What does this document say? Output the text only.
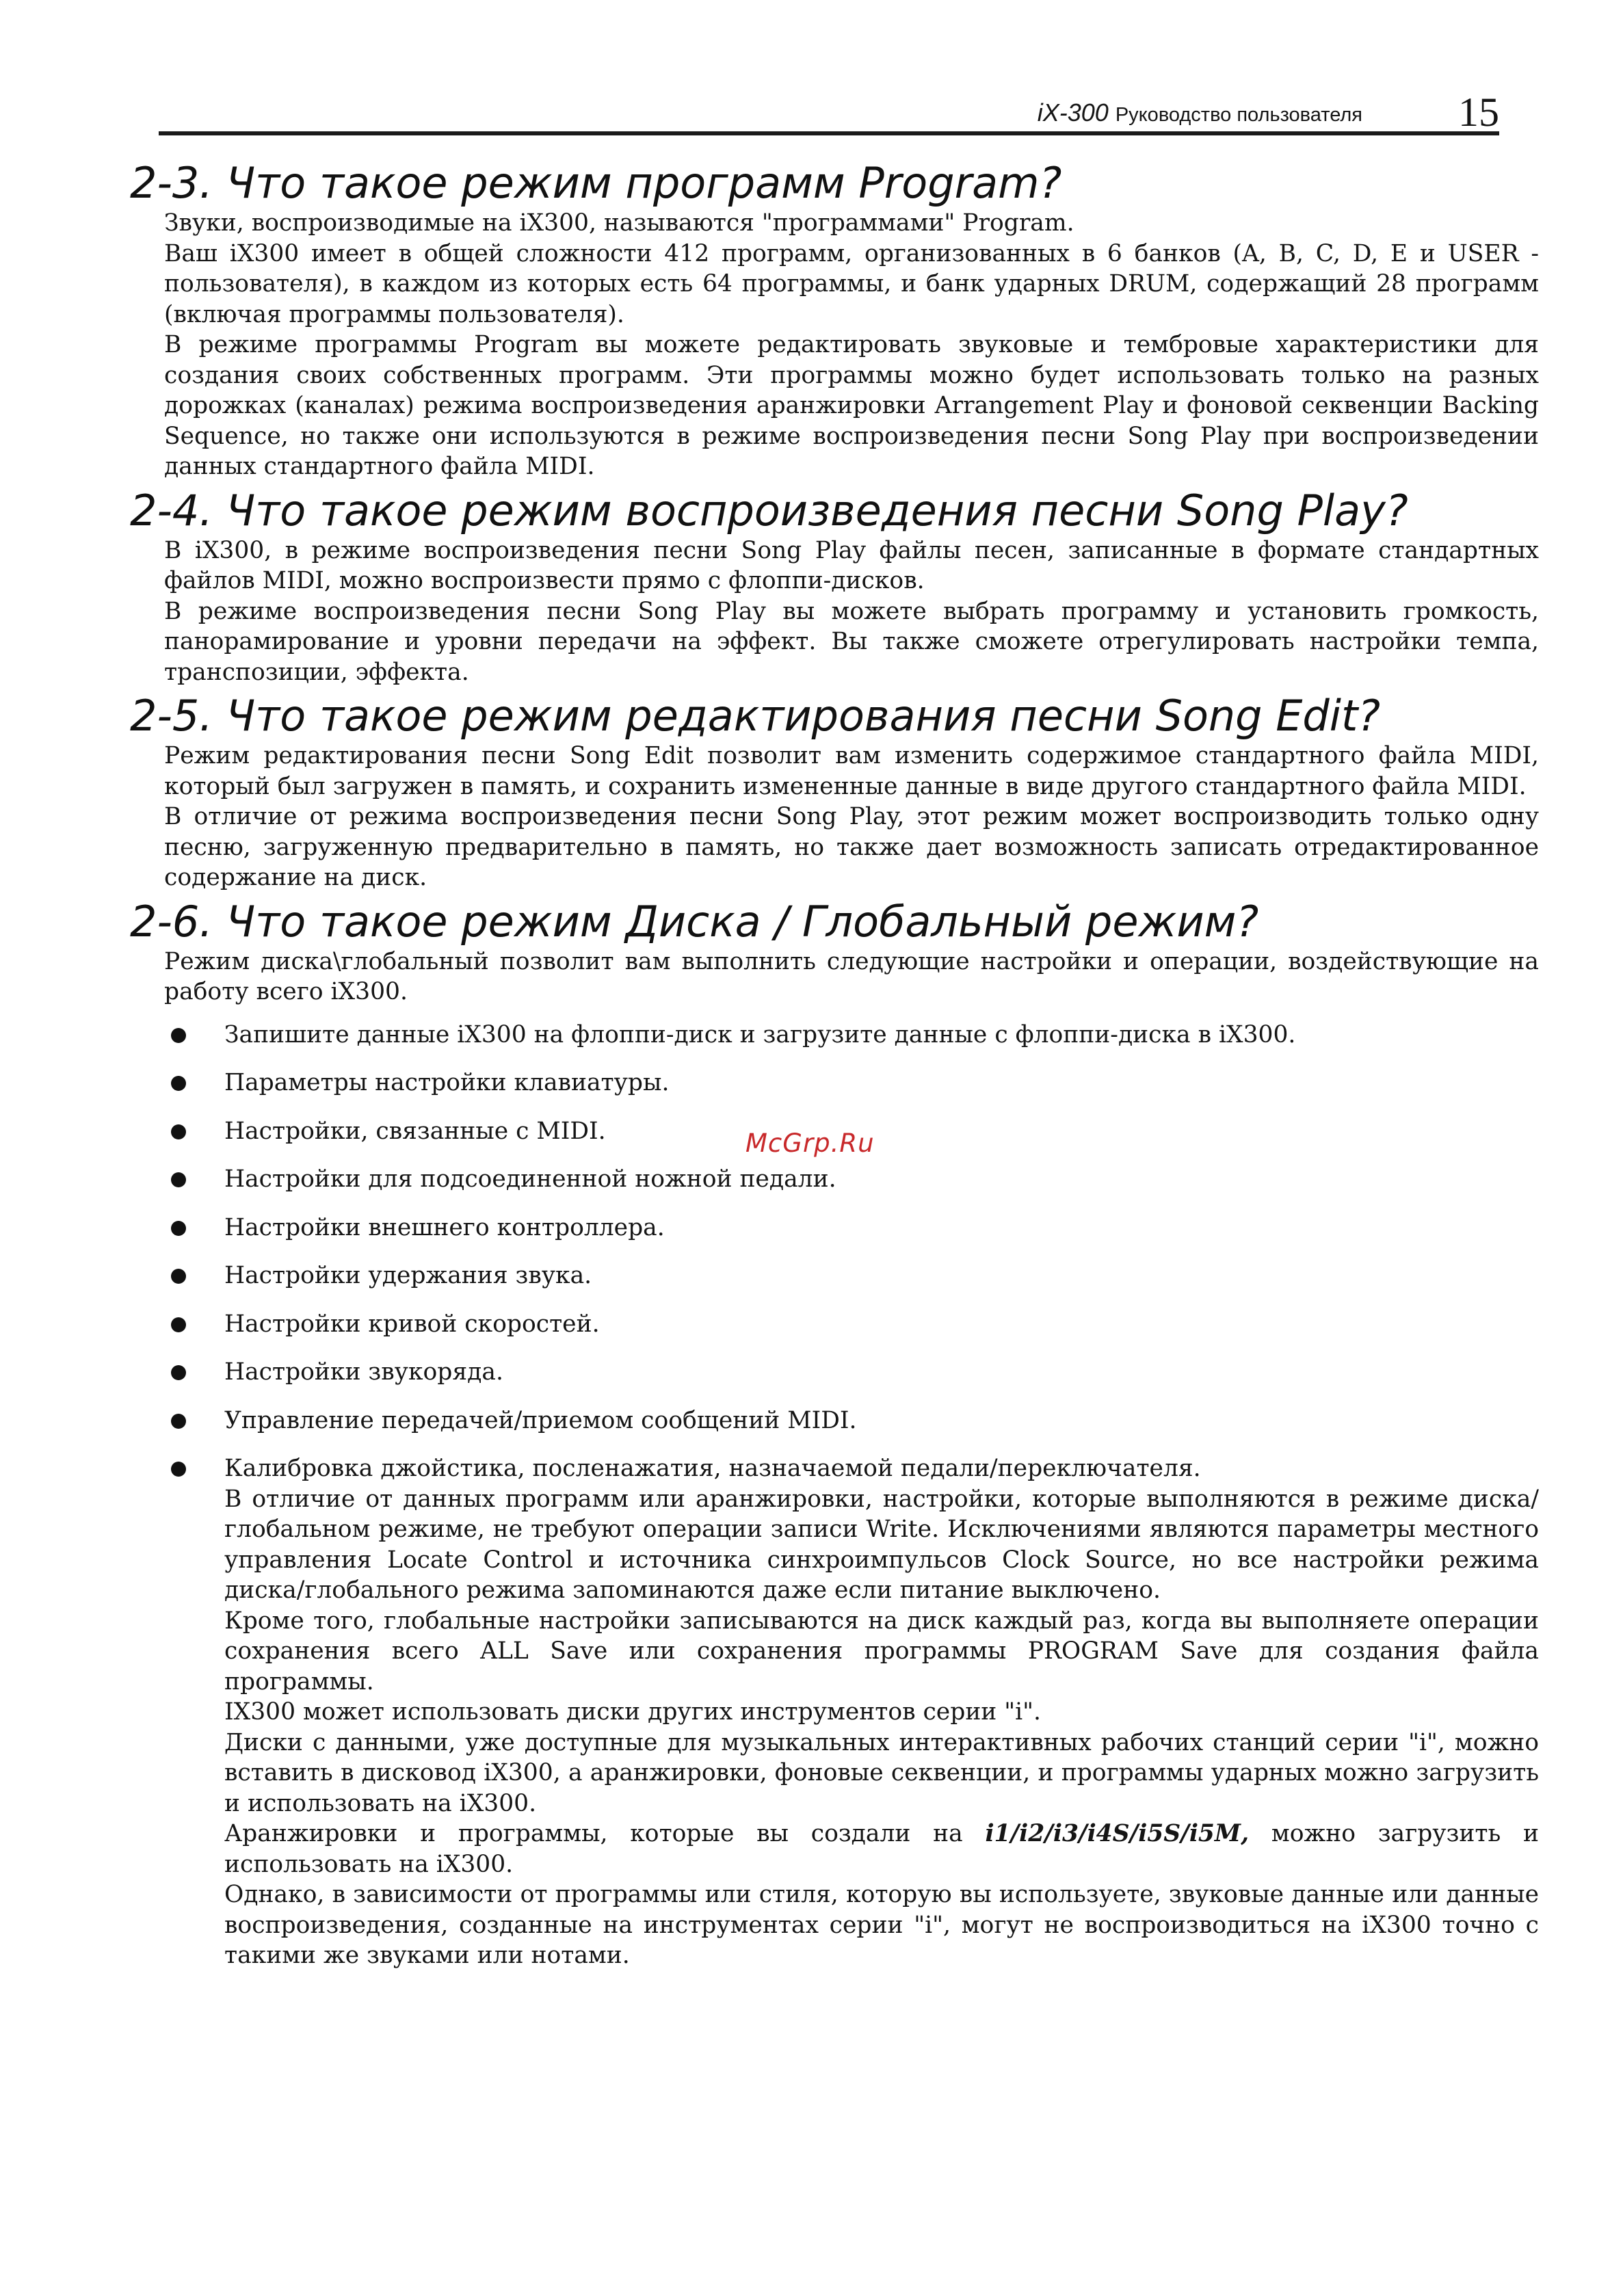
iX-300 Руководство пользователя 15
2-3. Что такое режим программ Program?

Звуки, воспроизводимые на iX300, называются "программами" Program.

Ваш iX300 имеет в общей сложности 412 программ, организованных в 6 банков (A, B, C, D, E и USER - пользователя), в каждом из которых есть 64 программы, и банк ударных DRUM, содержащий 28 программ (включая программы пользователя).

В режиме программы Program вы можете редактировать звуковые и тембровые характеристики для создания своих собственных программ. Эти программы можно будет использовать только на разных дорожках (каналах) режима воспроизведения аранжировки Arrangement Play и фоновой секвенции Backing Sequence, но также они используются в режиме воспроизведения песни Song Play при воспроизведении данных стандартного файла MIDI.

2-4. Что такое режим воспроизведения песни Song Play?

В iX300, в режиме воспроизведения песни Song Play файлы песен, записанные в формате стандартных файлов MIDI, можно воспроизвести прямо с флоппи-дисков.

В режиме воспроизведения песни Song Play вы можете выбрать программу и установить громкость, панорамирование и уровни передачи на эффект. Вы также сможете отрегулировать настройки темпа, транспозиции, эффекта.

2-5. Что такое режим редактирования песни Song Edit?

Режим редактирования песни Song Edit позволит вам изменить содержимое стандартного файла MIDI, который был загружен в память, и сохранить измененные данные в виде другого стандартного файла MIDI.

В отличие от режима воспроизведения песни Song Play, этот режим может воспроизводить только одну песню, загруженную предварительно в память, но также дает возможность записать отредактированное содержание на диск.

2-6. Что такое режим Диска / Глобальный режим?

Режим диска\глобальный позволит вам выполнить следующие настройки и операции, воздействующие на работу всего iX300.

Запишите данные iX300 на флоппи-диск и загрузите данные с флоппи-диска в iX300.
Параметры настройки клавиатуры.
Настройки, связанные с MIDI.
Настройки для подсоединенной ножной педали.
Настройки внешнего контроллера.
Настройки удержания звука.
Настройки кривой скоростей.
Настройки звукоряда.
Управление передачей/приемом сообщений MIDI.
Калибровка джойстика, посленажатия, назначаемой педали/переключателя.

В отличие от данных программ или аранжировки, настройки, которые выполняются в режиме диска/глобальном режиме, не требуют операции записи Write. Исключениями являются параметры местного управления Locate Control и источника синхроимпульсов Clock Source, но все настройки режима диска/глобального режима запоминаются даже если питание выключено.

Кроме того, глобальные настройки записываются на диск каждый раз, когда вы выполняете операции сохранения всего ALL Save или сохранения программы PROGRAM Save для создания файла программы.

IX300 может использовать диски других инструментов серии "i".

Диски с данными, уже доступные для музыкальных интерактивных рабочих станций серии "i", можно вставить в дисковод iX300, а аранжировки, фоновые секвенции, и программы ударных можно загрузить и использовать на iX300.

Аранжировки и программы, которые вы создали на i1/i2/i3/i4S/i5S/i5M, можно загрузить и использовать на iX300.

Однако, в зависимости от программы или стиля, которую вы используете, звуковые данные или данные воспроизведения, созданные на инструментах серии "i", могут не воспроизводиться на iX300 точно с такими же звуками или нотами.

McGrp.Ru
